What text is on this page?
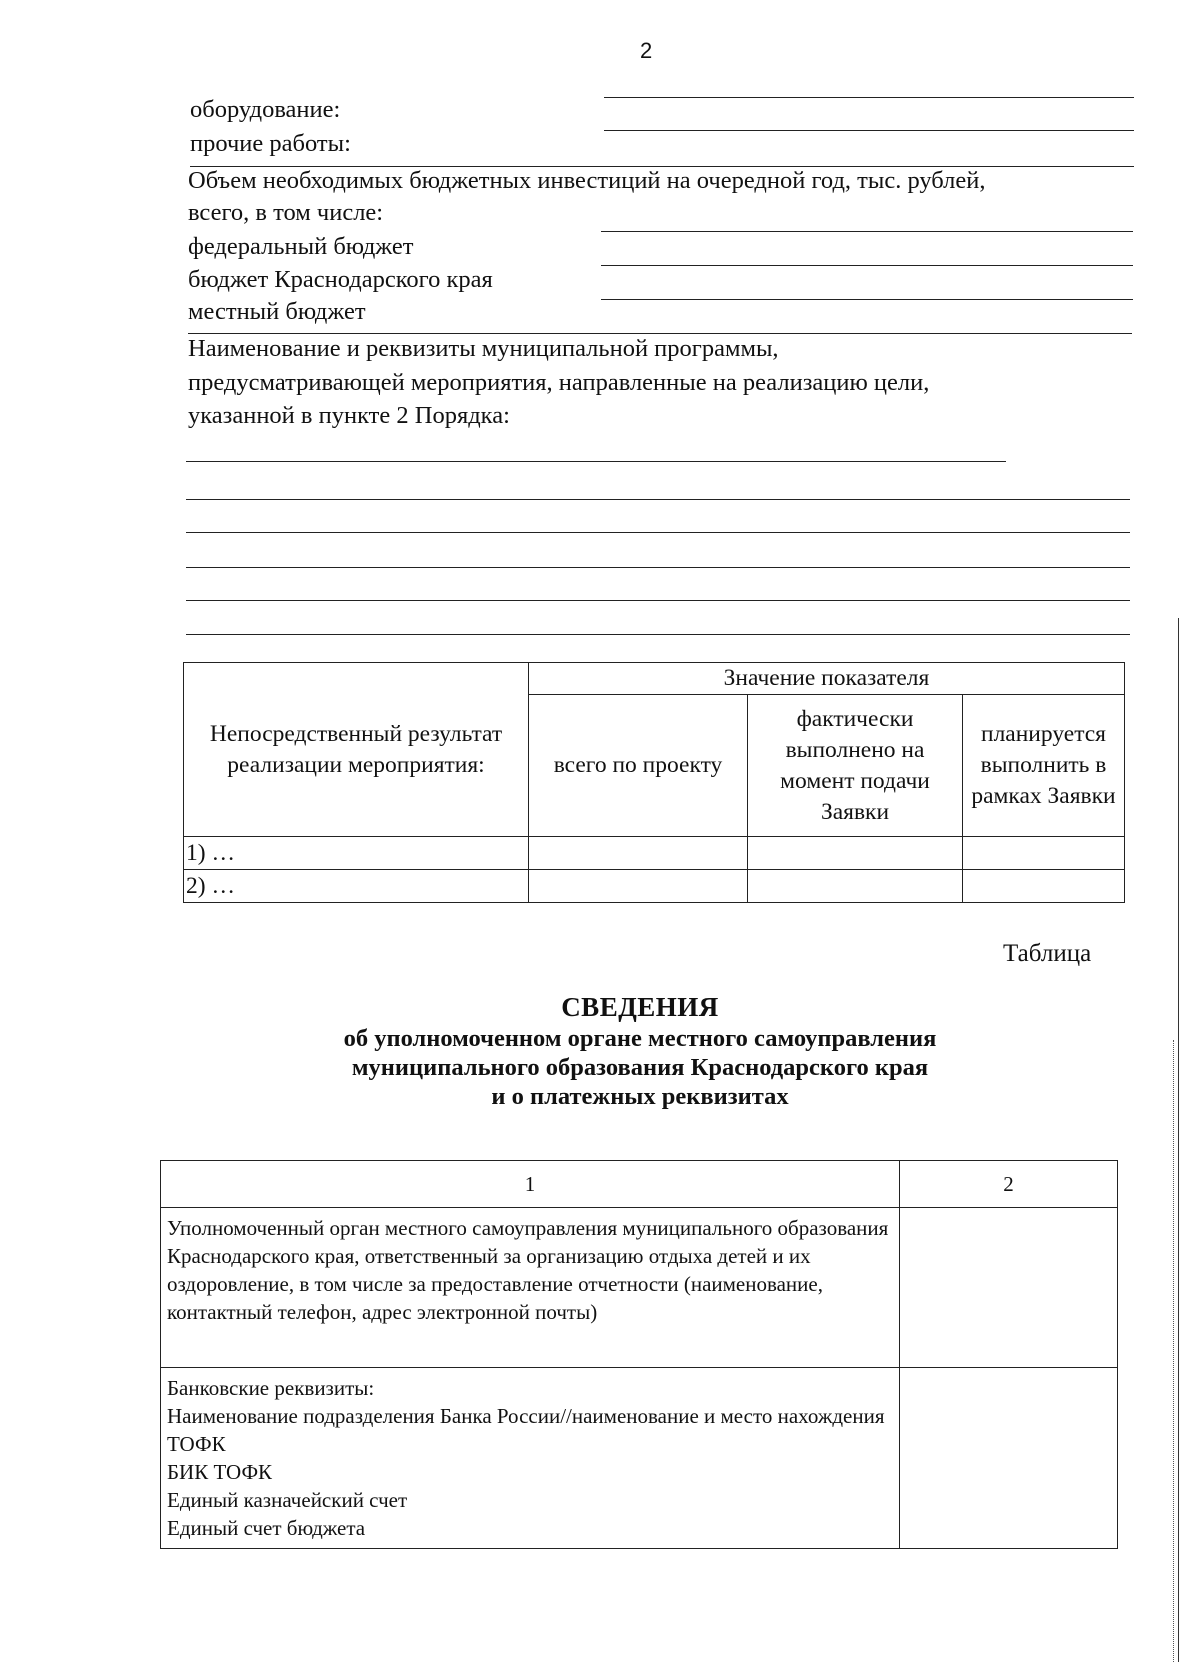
2
оборудование:
прочие работы:
Объем необходимых бюджетных инвестиций на очередной год, тыс. рублей,
всего, в том числе:
федеральный бюджет
бюджет Краснодарского края
местный бюджет
Наименование и реквизиты муниципальной программы,
предусматривающей мероприятия, направленные на реализацию цели,
указанной в пункте 2 Порядка:
Непосредственный результат реализации мероприятия:	Значение показателя		
	всего по проекту	фактически выполнено на момент подачи Заявки	планируется выполнить в рамках Заявки
1) …			
2) …			
Таблица
СВЕДЕНИЯ
об уполномоченном органе местного самоуправления
муниципального образования Краснодарского края
и о платежных реквизитах
1	2
Уполномоченный орган местного самоуправления муниципального образования Краснодарского края, ответственный за организацию отдыха детей и их оздоровление, в том числе за предоставление отчетности (наименование, контактный телефон, адрес электронной почты)	

Банковские реквизиты:
Наименование подразделения Банка России//наименование и место нахождения ТОФК
БИК ТОФК
Единый казначейский счет
Единый счет бюджета	
